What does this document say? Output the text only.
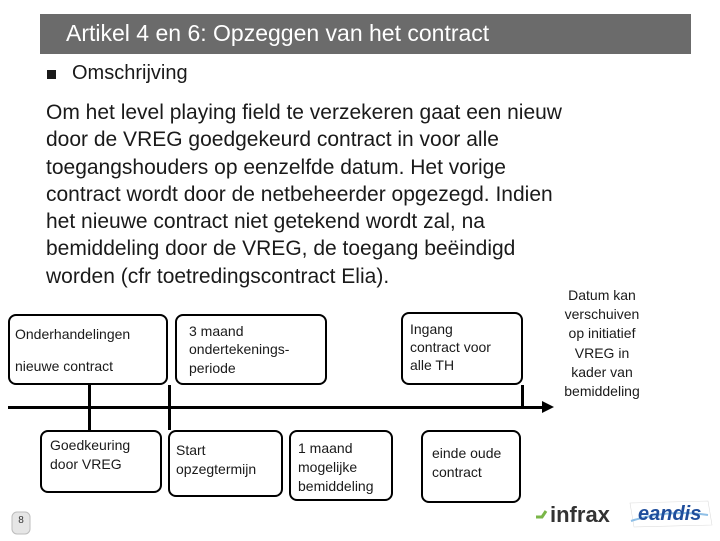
Artikel 4 en 6: Opzeggen van het contract
Omschrijving
Om het level playing field te verzekeren gaat een nieuw
door de VREG goedgekeurd contract in voor alle
toegangshouders op eenzelfde datum. Het vorige
contract wordt door de netbeheerder opgezegd. Indien
het nieuwe contract niet getekend wordt zal, na
bemiddeling door de VREG, de toegang beëindigd
worden (cfr toetredingscontract Elia).
Datum kan
verschuiven
op initiatief
VREG in
kader van
bemiddeling
Onderhandelingen
nieuwe contract
3 maand
ondertekenings-
periode
Ingang
contract voor
alle TH
Goedkeuring
door VREG
Start
opzegtermijn
1 maand
mogelijke
bemiddeling
einde oude
contract
8	infrax eandis
